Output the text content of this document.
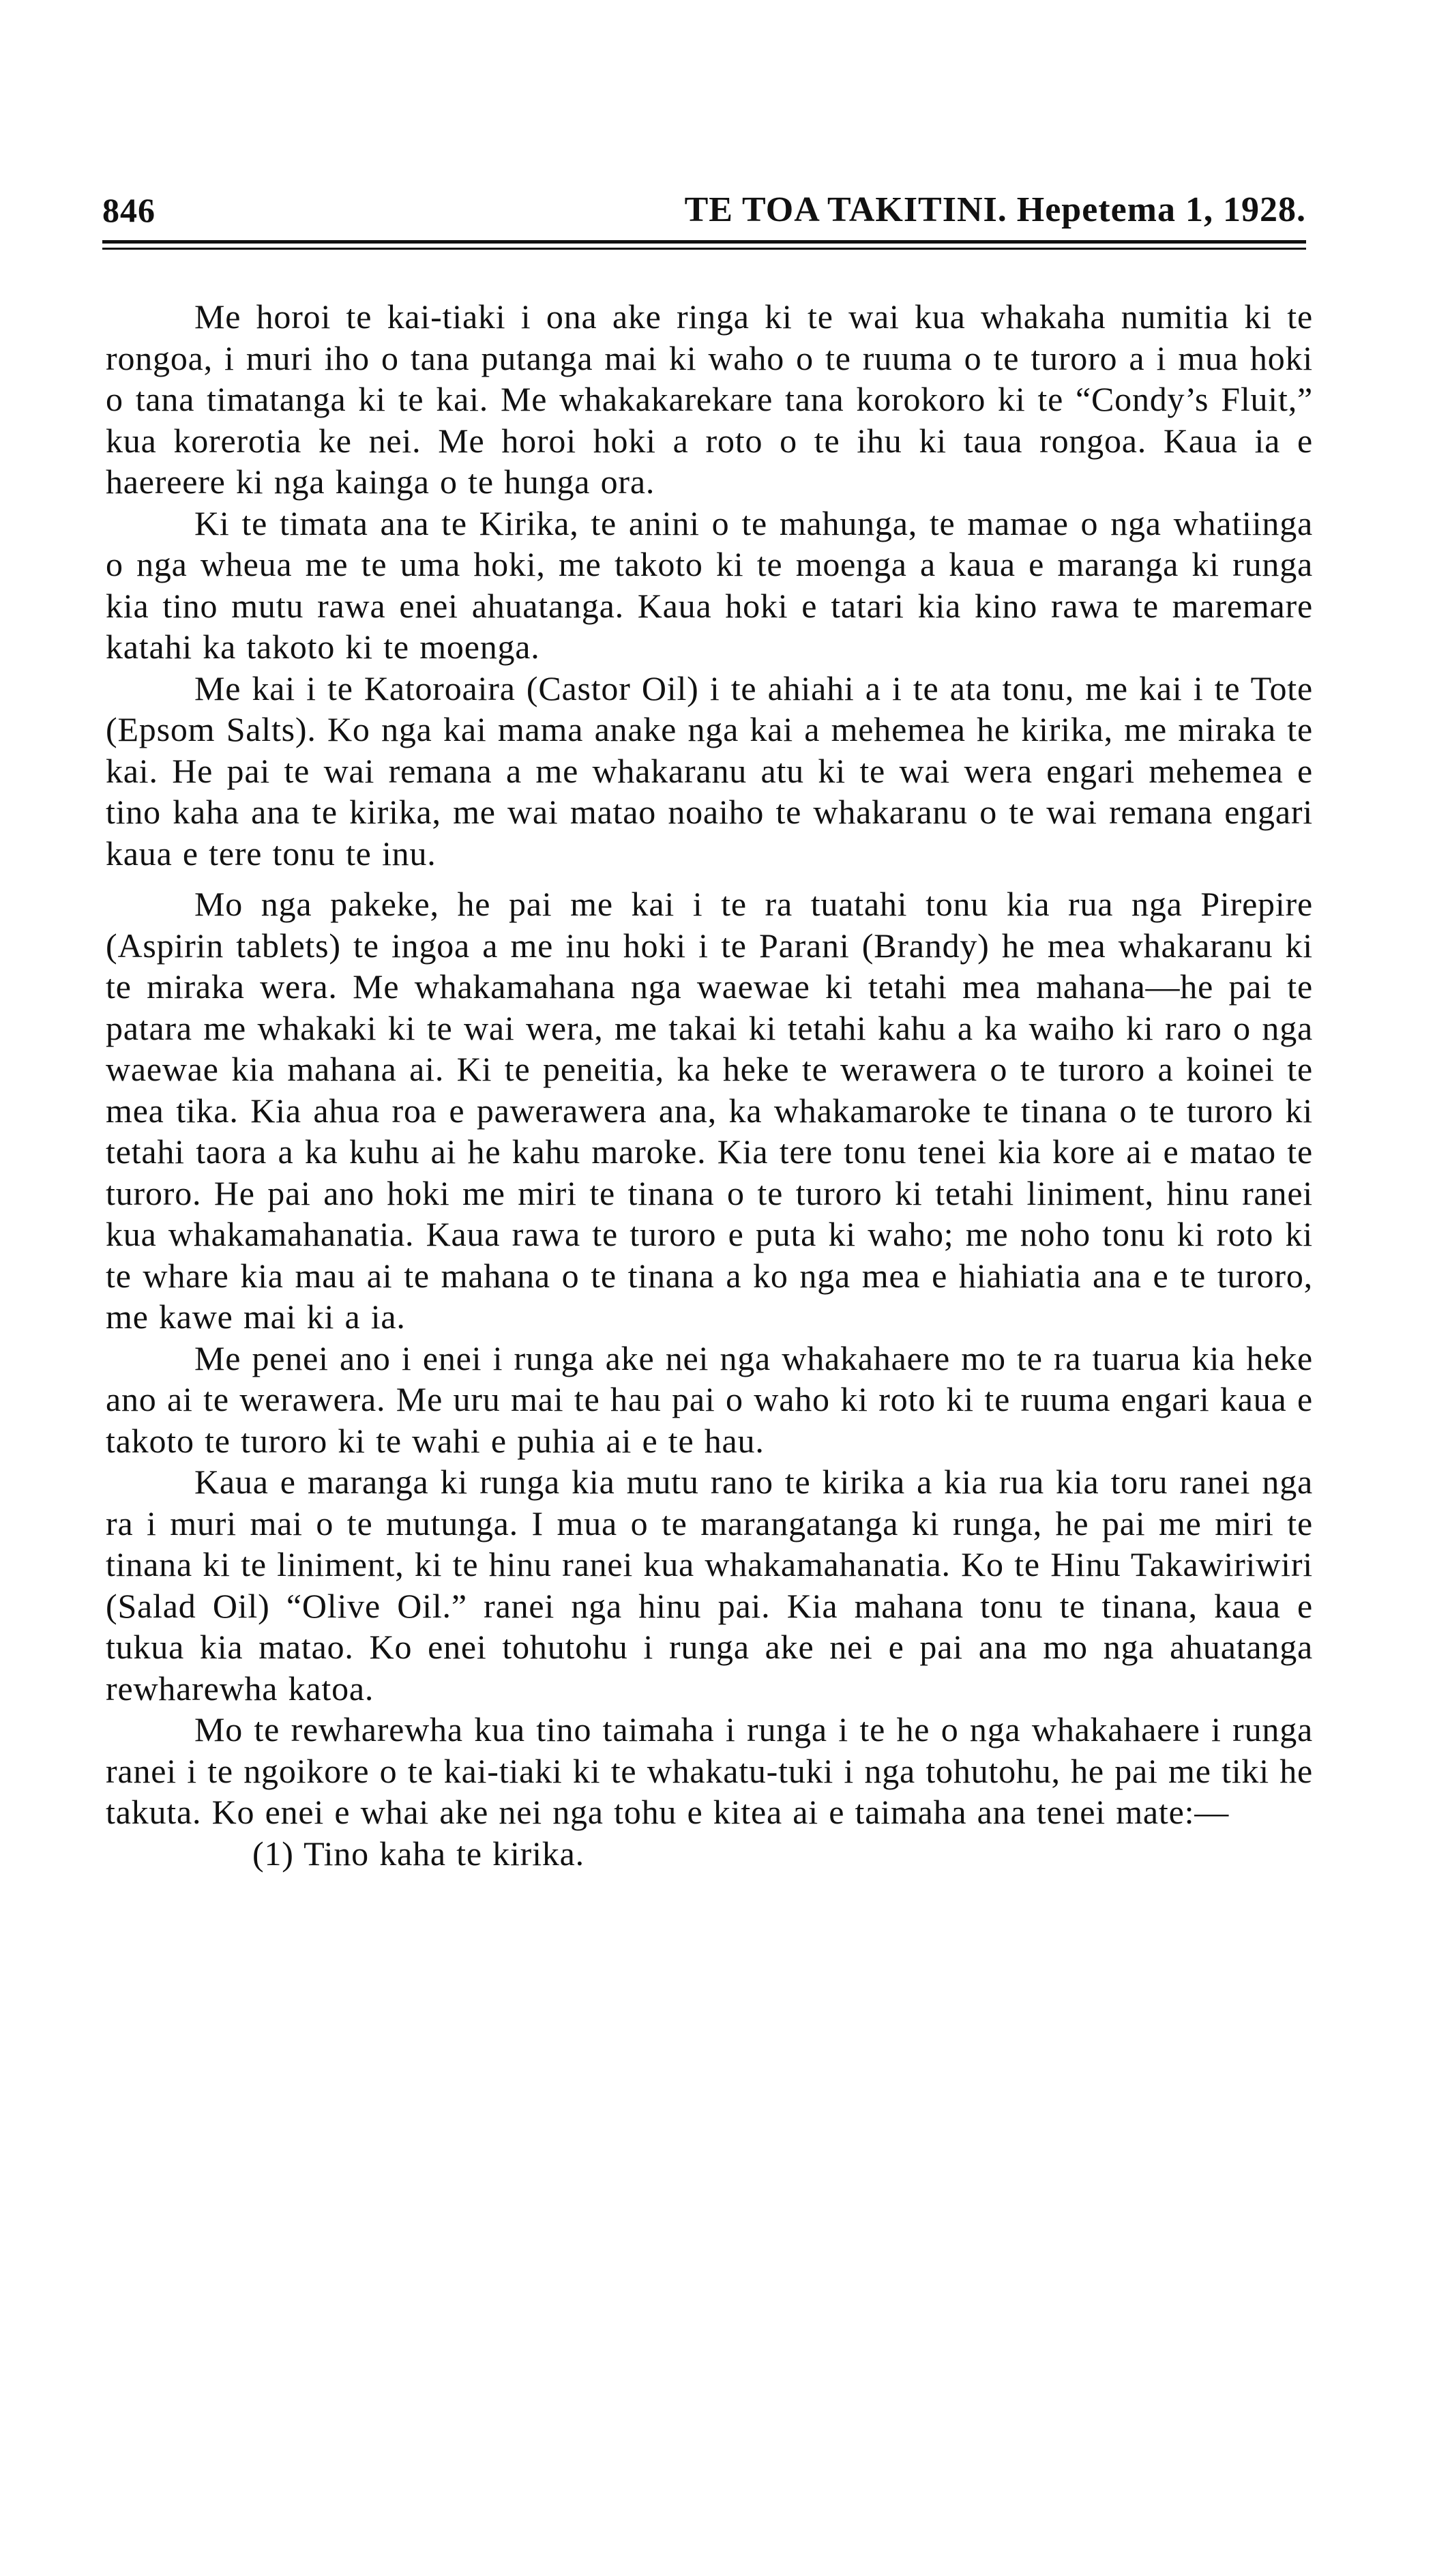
846	TE TOA TAKITINI. Hepetema 1, 1928.

Me horoi te kai-tiaki i ona ake ringa ki te wai kua whakaha numitia ki te rongoa, i muri iho o tana putanga mai ki waho o te ruuma o te turoro a i mua hoki o tana timatanga ki te kai. Me whakakarekare tana korokoro ki te “Condy’s Fluit,” kua korerotia ke nei. Me horoi hoki a roto o te ihu ki taua rongoa. Kaua ia e haereere ki nga kainga o te hunga ora.

Ki te timata ana te Kirika, te anini o te mahunga, te mamae o nga whatiinga o nga wheua me te uma hoki, me takoto ki te moenga a kaua e maranga ki runga kia tino mutu rawa enei ahuatanga. Kaua hoki e tatari kia kino rawa te maremare katahi ka takoto ki te moenga.

Me kai i te Katoroaira (Castor Oil) i te ahiahi a i te ata tonu, me kai i te Tote (Epsom Salts). Ko nga kai mama anake nga kai a mehemea he kirika, me miraka te kai. He pai te wai remana a me whakaranu atu ki te wai wera engari mehemea e tino kaha ana te kirika, me wai matao noaiho te whakaranu o te wai remana engari kaua e tere tonu te inu.

Mo nga pakeke, he pai me kai i te ra tuatahi tonu kia rua nga Pirepire (Aspirin tablets) te ingoa a me inu hoki i te Parani (Brandy) he mea whakaranu ki te miraka wera. Me whakamahana nga waewae ki tetahi mea mahana—he pai te patara me whakaki ki te wai wera, me takai ki tetahi kahu a ka waiho ki raro o nga waewae kia mahana ai. Ki te peneitia, ka heke te werawera o te turoro a koinei te mea tika. Kia ahua roa e pawerawera ana, ka whakamaroke te tinana o te turoro ki tetahi taora a ka kuhu ai he kahu maroke. Kia tere tonu tenei kia kore ai e matao te turoro. He pai ano hoki me miri te tinana o te turoro ki tetahi liniment, hinu ranei kua whakamahanatia. Kaua rawa te turoro e puta ki waho; me noho tonu ki roto ki te whare kia mau ai te mahana o te tinana a ko nga mea e hiahiatia ana e te turoro, me kawe mai ki a ia.

Me penei ano i enei i runga ake nei nga whakahaere mo te ra tuarua kia heke ano ai te werawera. Me uru mai te hau pai o waho ki roto ki te ruuma engari kaua e takoto te turoro ki te wahi e puhia ai e te hau.

Kaua e maranga ki runga kia mutu rano te kirika a kia rua kia toru ranei nga ra i muri mai o te mutunga. I mua o te marangatanga ki runga, he pai me miri te tinana ki te liniment, ki te hinu ranei kua whakamahanatia. Ko te Hinu Takawiriwiri (Salad Oil) “Olive Oil.” ranei nga hinu pai. Kia mahana tonu te tinana, kaua e tukua kia matao. Ko enei tohutohu i runga ake nei e pai ana mo nga ahuatanga rewharewha katoa.

Mo te rewharewha kua tino taimaha i runga i te he o nga whakahaere i runga ranei i te ngoikore o te kai-tiaki ki te whakatu-tuki i nga tohutohu, he pai me tiki he takuta. Ko enei e whai ake nei nga tohu e kitea ai e taimaha ana tenei mate:—

(1) Tino kaha te kirika.
